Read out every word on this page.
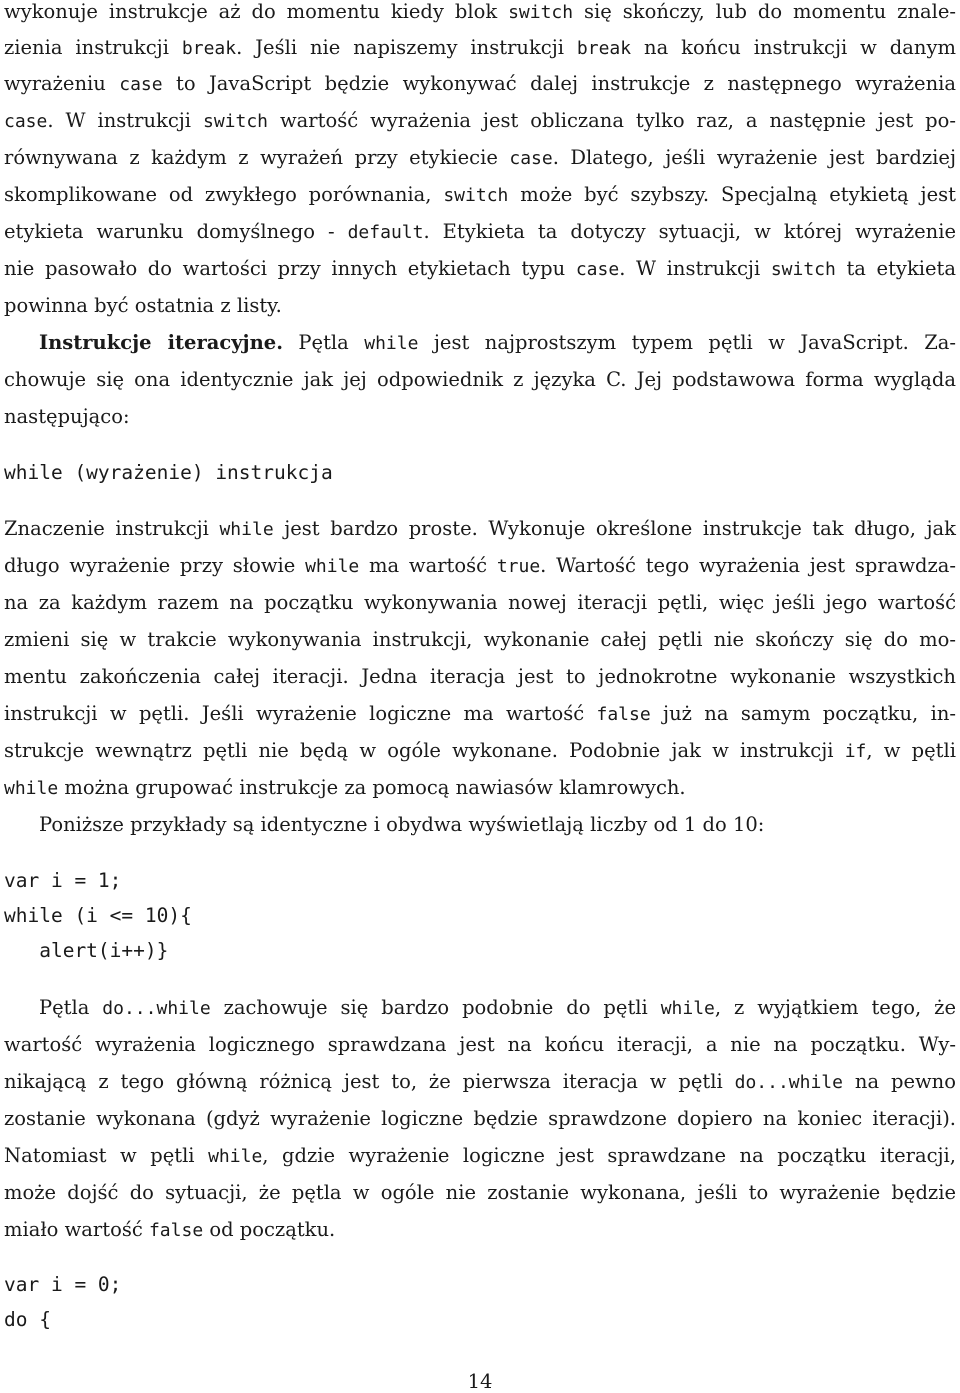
wykonuje instrukcje aż do momentu kiedy blok switch się skończy, lub do momentu znale-
zienia instrukcji break. Jeśli nie napiszemy instrukcji break na końcu instrukcji w danym
wyrażeniu case to JavaScript będzie wykonywać dalej instrukcje z następnego wyrażenia
case. W instrukcji switch wartość wyrażenia jest obliczana tylko raz, a następnie jest po-
równywana z każdym z wyrażeń przy etykiecie case. Dlatego, jeśli wyrażenie jest bardziej
skomplikowane od zwykłego porównania, switch może być szybszy. Specjalną etykietą jest
etykieta warunku domyślnego - default. Etykieta ta dotyczy sytuacji, w której wyrażenie
nie pasowało do wartości przy innych etykietach typu case. W instrukcji switch ta etykieta
powinna być ostatnia z listy.
Instrukcje iteracyjne. Pętla while jest najprostszym typem pętli w JavaScript. Za-
chowuje się ona identycznie jak jej odpowiednik z języka C. Jej podstawowa forma wygląda
następująco:
while (wyrażenie) instrukcja
Znaczenie instrukcji while jest bardzo proste. Wykonuje określone instrukcje tak długo, jak
długo wyrażenie przy słowie while ma wartość true. Wartość tego wyrażenia jest sprawdza-
na za każdym razem na początku wykonywania nowej iteracji pętli, więc jeśli jego wartość
zmieni się w trakcie wykonywania instrukcji, wykonanie całej pętli nie skończy się do mo-
mentu zakończenia całej iteracji. Jedna iteracja jest to jednokrotne wykonanie wszystkich
instrukcji w pętli. Jeśli wyrażenie logiczne ma wartość false już na samym początku, in-
strukcje wewnątrz pętli nie będą w ogóle wykonane. Podobnie jak w instrukcji if, w pętli
while można grupować instrukcje za pomocą nawiasów klamrowych.
Poniższe przykłady są identyczne i obydwa wyświetlają liczby od 1 do 10:
var i = 1;
while (i <= 10){
alert(i++)}
Pętla do...while zachowuje się bardzo podobnie do pętli while, z wyjątkiem tego, że
wartość wyrażenia logicznego sprawdzana jest na końcu iteracji, a nie na początku. Wy-
nikającą z tego główną różnicą jest to, że pierwsza iteracja w pętli do...while na pewno
zostanie wykonana (gdyż wyrażenie logiczne będzie sprawdzone dopiero na koniec iteracji).
Natomiast w pętli while, gdzie wyrażenie logiczne jest sprawdzane na początku iteracji,
może dojść do sytuacji, że pętla w ogóle nie zostanie wykonana, jeśli to wyrażenie będzie
miało wartość false od początku.
var i = 0;
do {
14
